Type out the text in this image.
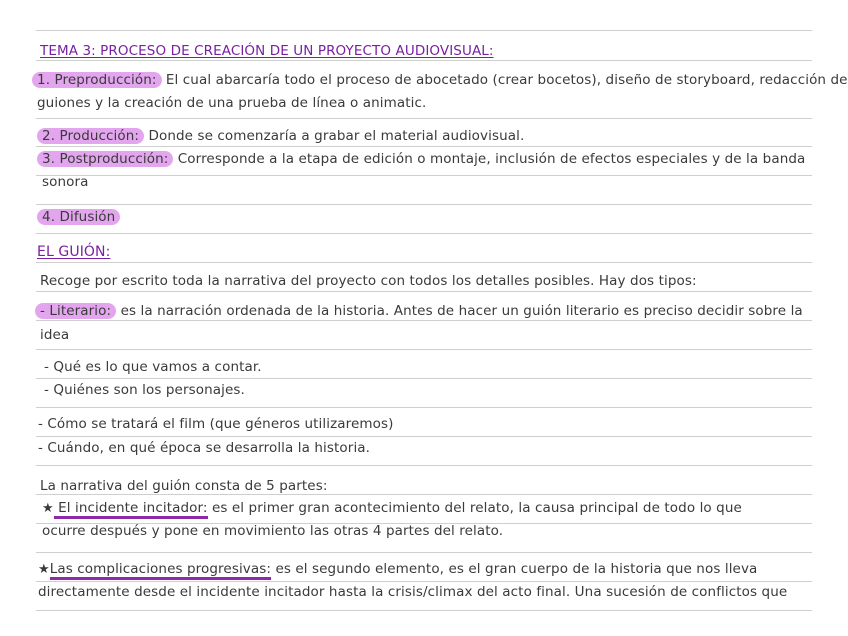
TEMA 3: PROCESO DE CREACIÓN DE UN PROYECTO AUDIOVISUAL:
1. Preproducción: El cual abarcaría todo el proceso de abocetado (crear bocetos), diseño de storyboard, redacción de
guiones y la creación de una prueba de línea o animatic.
2. Producción: Donde se comenzaría a grabar el material audiovisual.
3. Postproducción: Corresponde a la etapa de edición o montaje, inclusión de efectos especiales y de la banda
sonora
4. Difusión
EL GUIÓN:
Recoge por escrito toda la narrativa del proyecto con todos los detalles posibles. Hay dos tipos:
- Literario: es la narración ordenada de la historia. Antes de hacer un guión literario es preciso decidir sobre la
idea
- Qué es lo que vamos a contar.
- Quiénes son los personajes.
- Cómo se tratará el film (que géneros utilizaremos)
- Cuándo, en qué época se desarrolla la historia.
La narrativa del guión consta de 5 partes:
★ El incidente incitador: es el primer gran acontecimiento del relato, la causa principal de todo lo que
ocurre después y pone en movimiento las otras 4 partes del relato.
★Las complicaciones progresivas: es el segundo elemento, es el gran cuerpo de la historia que nos lleva
directamente desde el incidente incitador hasta la crisis/climax del acto final. Una sucesión de conflictos que
